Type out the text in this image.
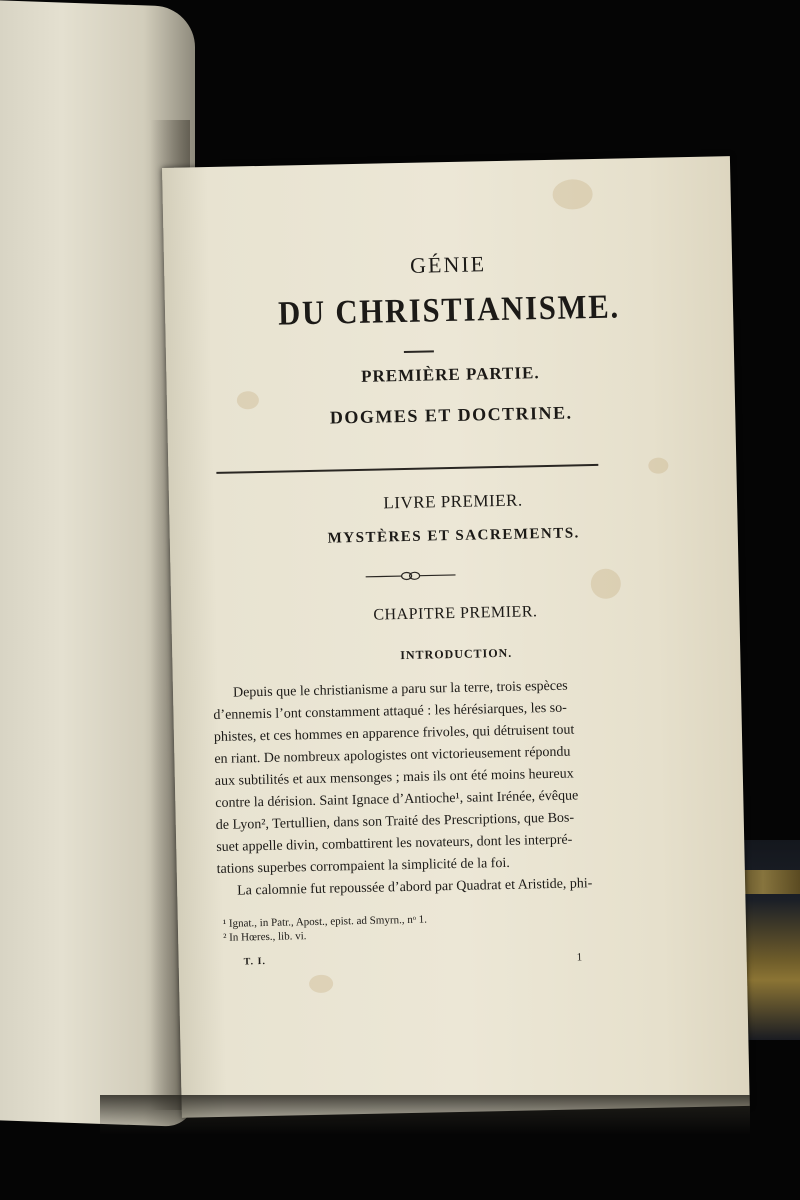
GÉNIE
DU CHRISTIANISME.
PREMIÈRE PARTIE.
DOGMES ET DOCTRINE.
LIVRE PREMIER.
MYSTÈRES ET SACREMENTS.
CHAPITRE PREMIER.
INTRODUCTION.
Depuis que le christianisme a paru sur la terre, trois espèces
d’ennemis l’ont constamment attaqué : les hérésiarques, les so-
phistes, et ces hommes en apparence frivoles, qui détruisent tout
en riant. De nombreux apologistes ont victorieusement répondu
aux subtilités et aux mensonges ; mais ils ont été moins heureux
contre la dérision. Saint Ignace d’Antioche¹, saint Irénée, évêque
de Lyon², Tertullien, dans son Traité des Prescriptions, que Bos-
suet appelle divin, combattirent les novateurs, dont les interpré-
tations superbes corrompaient la simplicité de la foi.
La calomnie fut repoussée d’abord par Quadrat et Aristide, phi-
¹ Ignat., in Patr., Apost., epist. ad Smyrn., nᵒ 1.
² In Hœres., lib. vi.
T. I.	1
